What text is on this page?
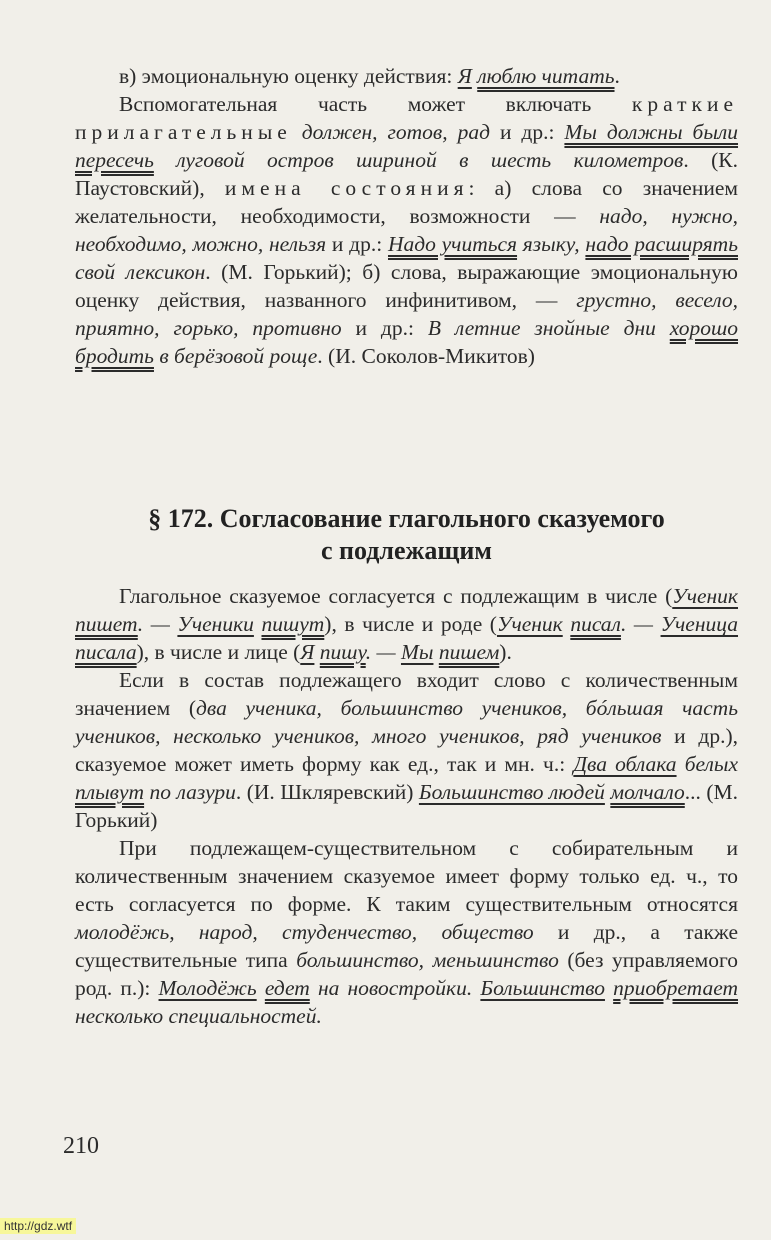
в) эмоциональную оценку действия: Я люблю читать.

Вспомогательная часть может включать краткие прилагательные должен, готов, рад и др.: Мы должны были пересечь луговой остров шириной в шесть километров. (К. Паустовский), имена состояния: а) слова со значением желательности, необходимости, возможности — надо, нужно, необходимо, можно, нельзя и др.: Надо учиться языку, надо расширять свой лексикон. (М. Горький); б) слова, выражающие эмоциональную оценку действия, названного инфинитивом, — грустно, весело, приятно, горько, противно и др.: В летние знойные дни хорошо бродить в берёзовой роще. (И. Соколов-Микитов)

§ 172. Согласование глагольного сказуемого
с подлежащим

Глагольное сказуемое согласуется с подлежащим в числе (Ученик пишет. — Ученики пишут), в числе и роде (Ученик писал. — Ученица писала), в числе и лице (Я пишу. — Мы пишем).

Если в состав подлежащего входит слово с количественным значением (два ученика, большинство учеников, бóльшая часть учеников, несколько учеников, много учеников, ряд учеников и др.), сказуемое может иметь форму как ед., так и мн. ч.: Два облака белых плывут по лазури. (И. Шкляревский) Большинство людей молчало... (М. Горький)

При подлежащем-существительном с собирательным и количественным значением сказуемое имеет форму только ед. ч., то есть согласуется по форме. К таким существительным относятся молодёжь, народ, студенчество, общество и др., а также существительные типа большинство, меньшинство (без управляемого род. п.): Молодёжь едет на новостройки. Большинство приобретает несколько специальностей.

210
http://gdz.wtf
